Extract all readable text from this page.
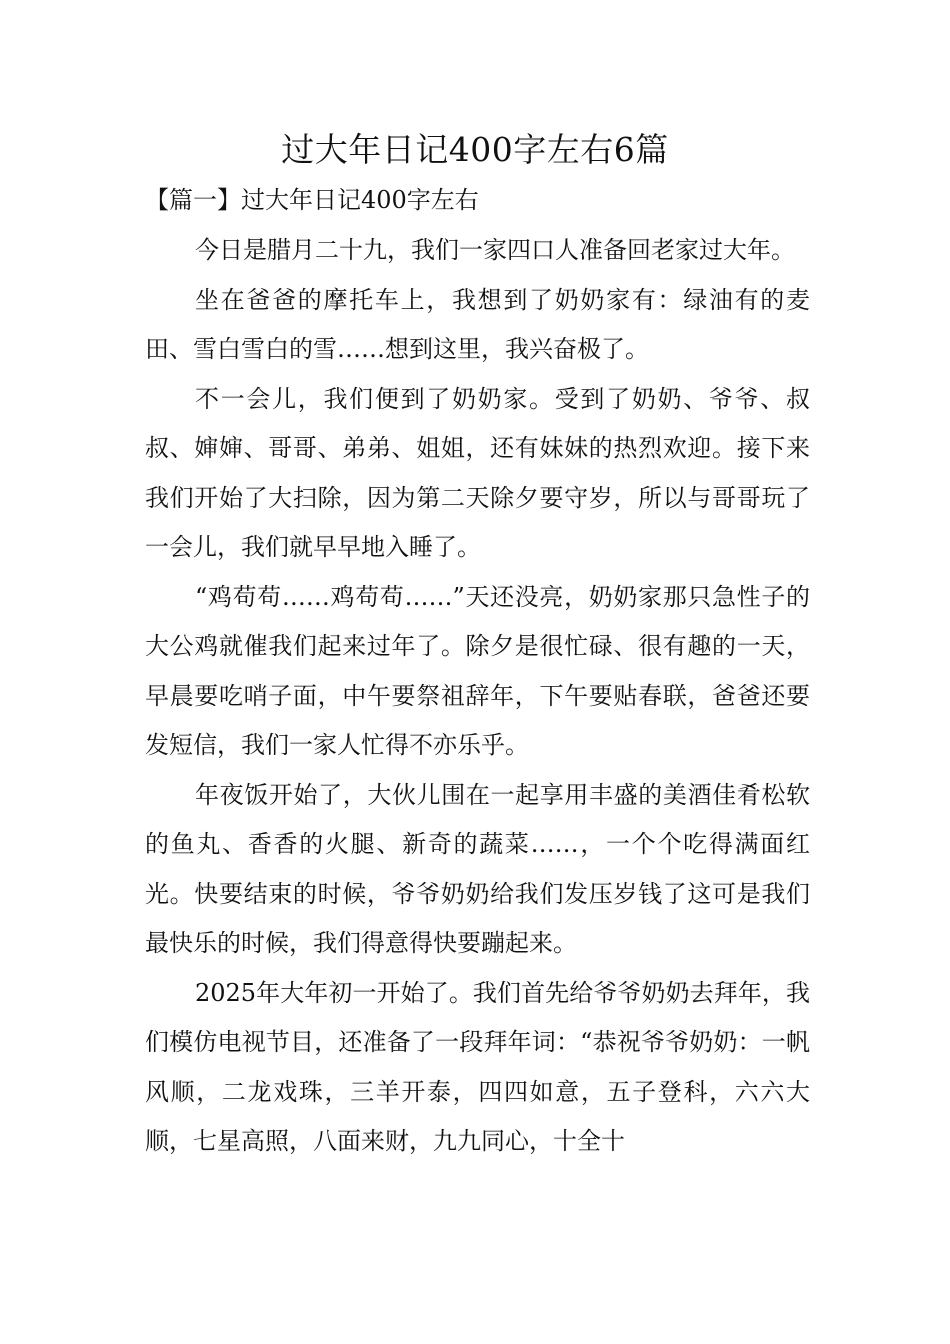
过大年日记400字左右6篇
【篇一】过大年日记400字左右

今日是腊月二十九，我们一家四口人准备回老家过大年。

坐在爸爸的摩托车上，我想到了奶奶家有：绿油有的麦田、雪白雪白的雪……想到这里，我兴奋极了。

不一会儿，我们便到了奶奶家。受到了奶奶、爷爷、叔叔、婶婶、哥哥、弟弟、姐姐，还有妹妹的热烈欢迎。接下来我们开始了大扫除，因为第二天除夕要守岁，所以与哥哥玩了一会儿，我们就早早地入睡了。

“鸡苟苟……鸡苟苟……”天还没亮，奶奶家那只急性子的大公鸡就催我们起来过年了。除夕是很忙碌、很有趣的一天，早晨要吃哨子面，中午要祭祖辞年，下午要贴春联，爸爸还要发短信，我们一家人忙得不亦乐乎。

年夜饭开始了，大伙儿围在一起享用丰盛的美酒佳肴松软的鱼丸、香香的火腿、新奇的蔬菜……，一个个吃得满面红光。快要结束的时候，爷爷奶奶给我们发压岁钱了这可是我们最快乐的时候，我们得意得快要蹦起来。

2025年大年初一开始了。我们首先给爷爷奶奶去拜年，我们模仿电视节目，还准备了一段拜年词：“恭祝爷爷奶奶：一帆风顺，二龙戏珠，三羊开泰，四四如意，五子登科，六六大顺，七星高照，八面来财，九九同心，十全十
